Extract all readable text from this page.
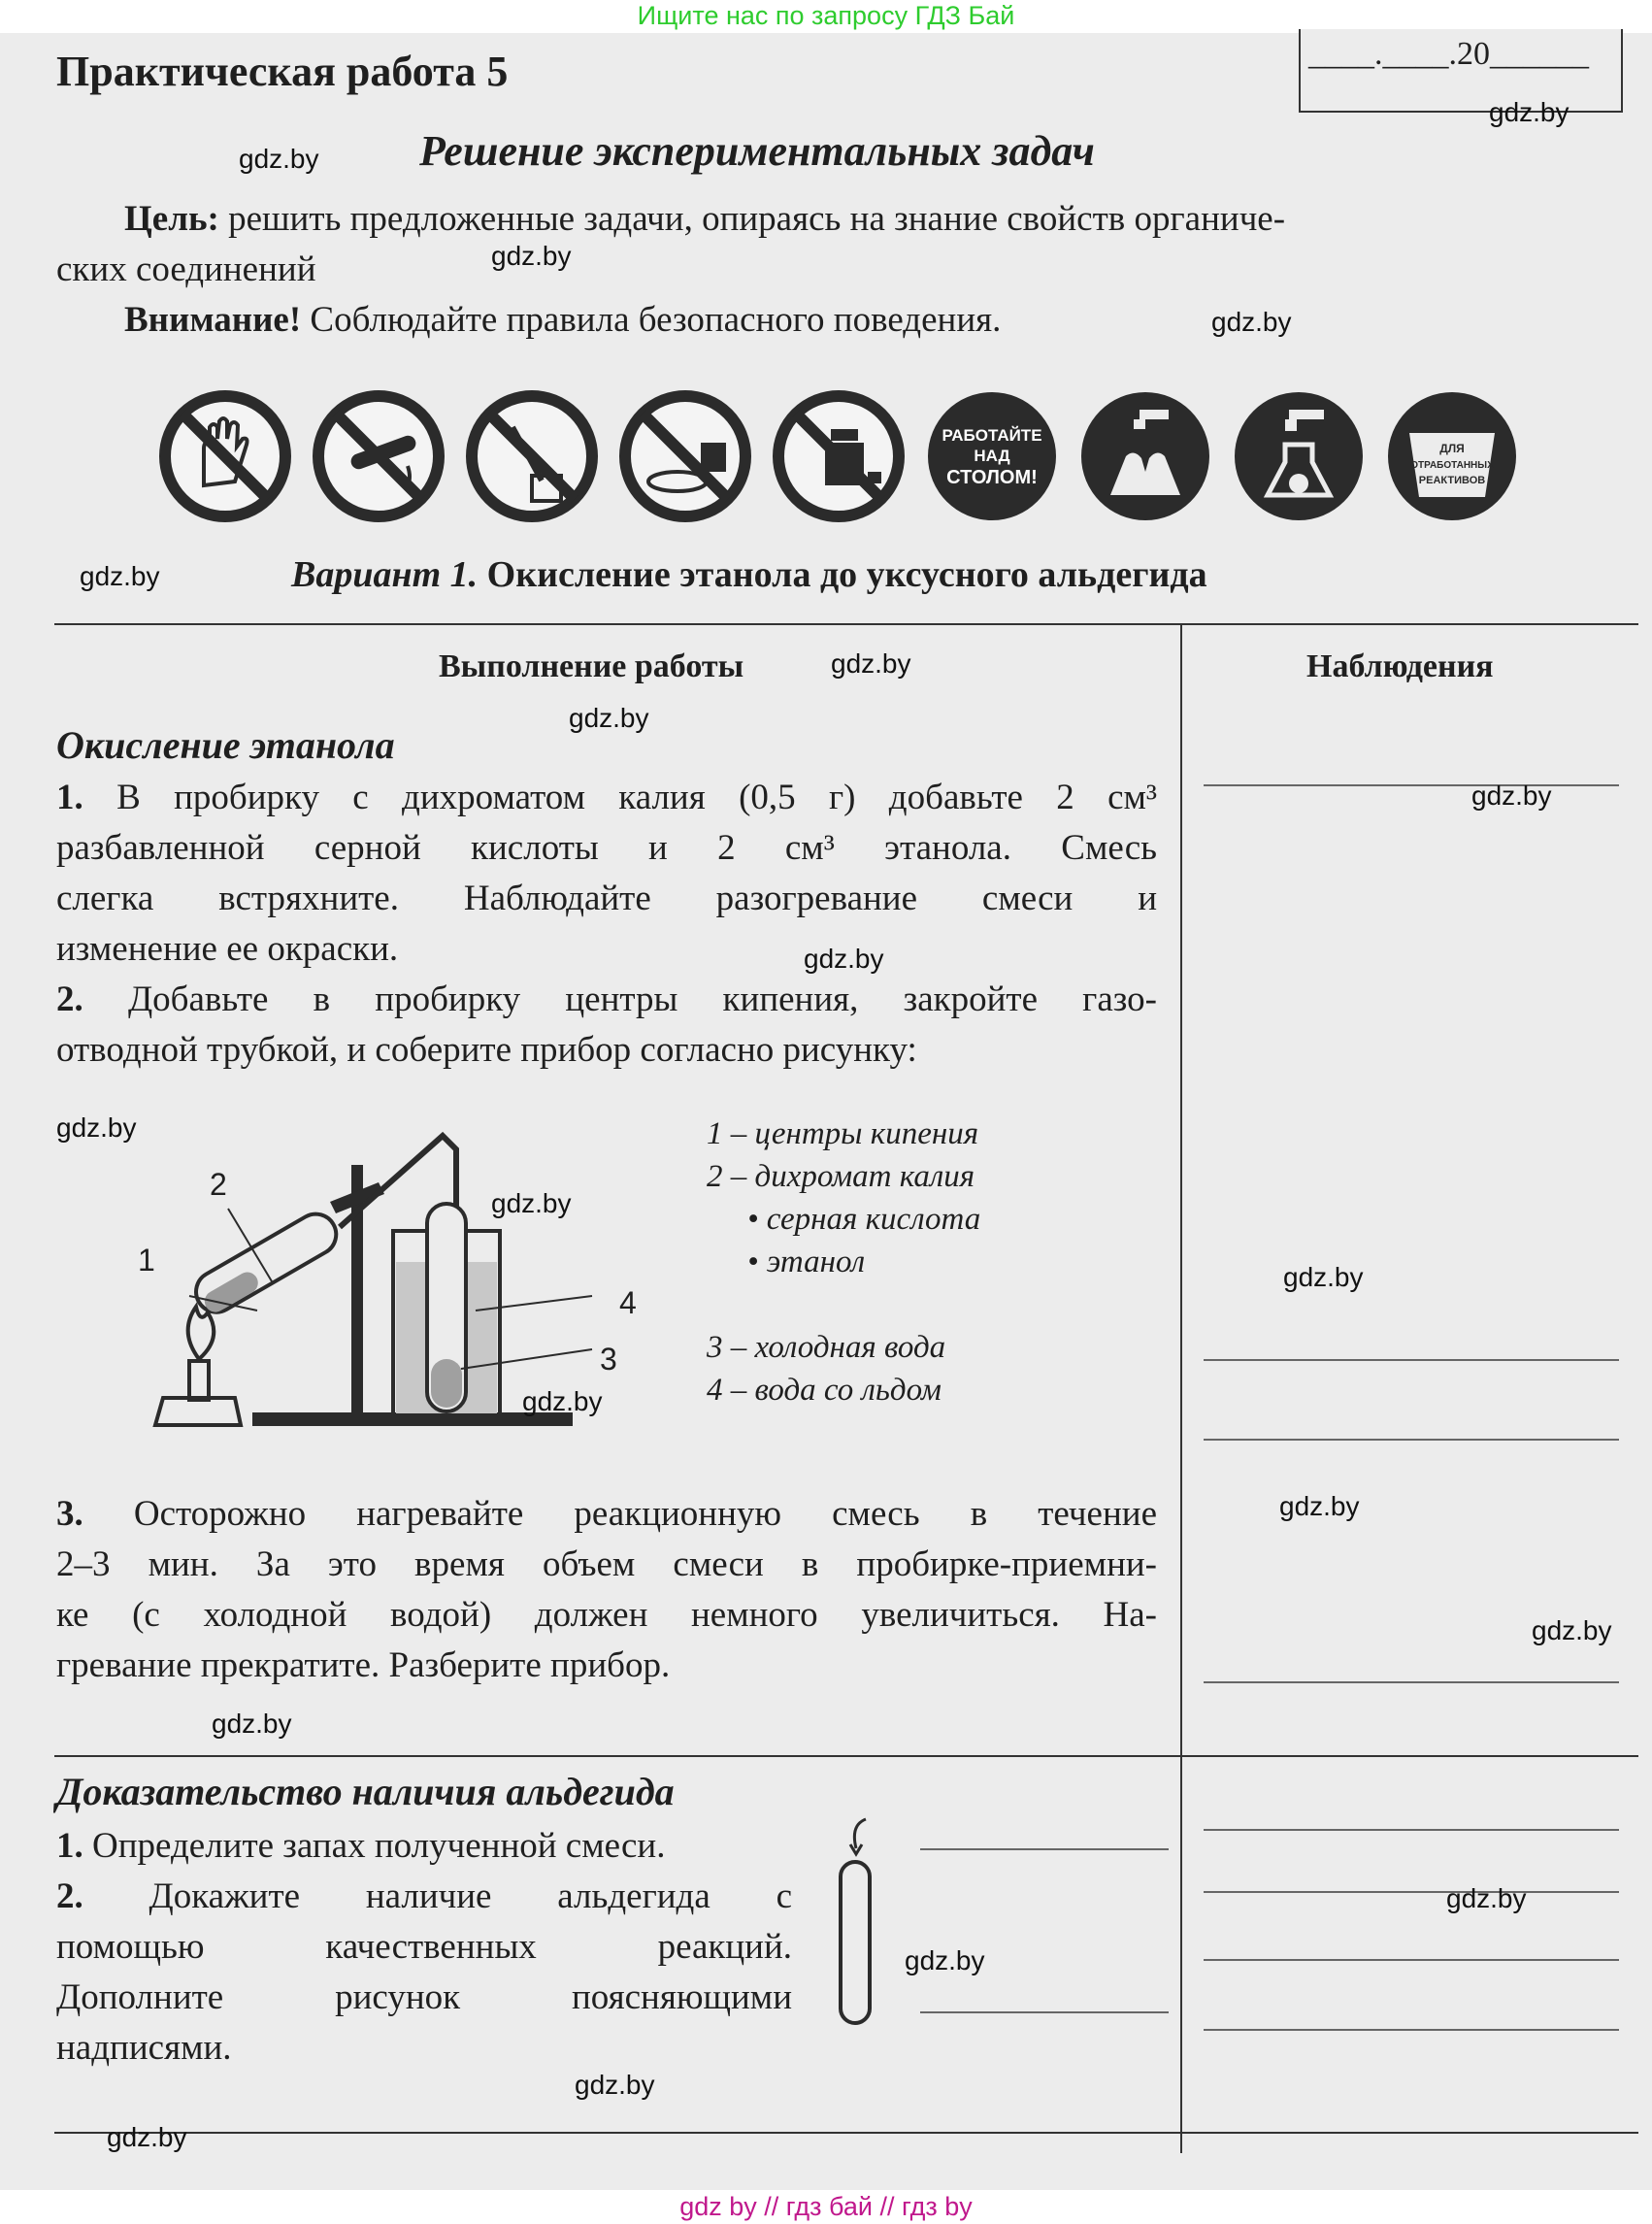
Ищите нас по запросу ГДЗ Бай
____.____.20______
Практическая работа 5
Решение экспериментальных задач
Цель: решить предложенные задачи, опираясь на знание свойств органиче-
ских соединений
Внимание! Соблюдайте правила безопасного поведения.
РАБОТАЙТЕ
НАД
СТОЛОМ!
ДЛЯ
ОТРАБОТАННЫХ
РЕАКТИВОВ
Вариант 1. Окисление этанола до уксусного альдегида
Выполнение работы	Наблюдения
Окисление этанола
1. В пробирку с дихроматом калия (0,5 г) добавьте 2 см³
разбавленной серной кислоты и 2 см³ этанола. Смесь
слегка встряхните. Наблюдайте разогревание смеси и
изменение ее окраски.
2. Добавьте в пробирку центры кипения, закройте газо-
отводной трубкой, и соберите прибор согласно рисунку:
1
2
3
4
1 – центры кипения
2 – дихромат калия
• серная кислота
• этанол
3 – холодная вода
4 – вода со льдом
3. Осторожно нагревайте реакционную смесь в течение
2–3 мин. За это время объем смеси в пробирке-приемни-
ке (с холодной водой) должен немного увеличиться. На-
гревание прекратите. Разберите прибор.
Доказательство наличия альдегида
1. Определите запах полученной смеси.
2. Докажите наличие альдегида с
помощью качественных реакций.
Дополните рисунок поясняющими
надписями.
gdz.by
gdz.by
gdz.by
gdz.by
gdz.by
gdz.by
gdz.by
gdz.by
gdz.by
gdz.by
gdz.by
gdz.by
gdz.by
gdz.by
gdz.by
gdz.by
gdz.by
gdz.by
gdz.by
gdz.by
gdz by // гдз бай // гдз by
